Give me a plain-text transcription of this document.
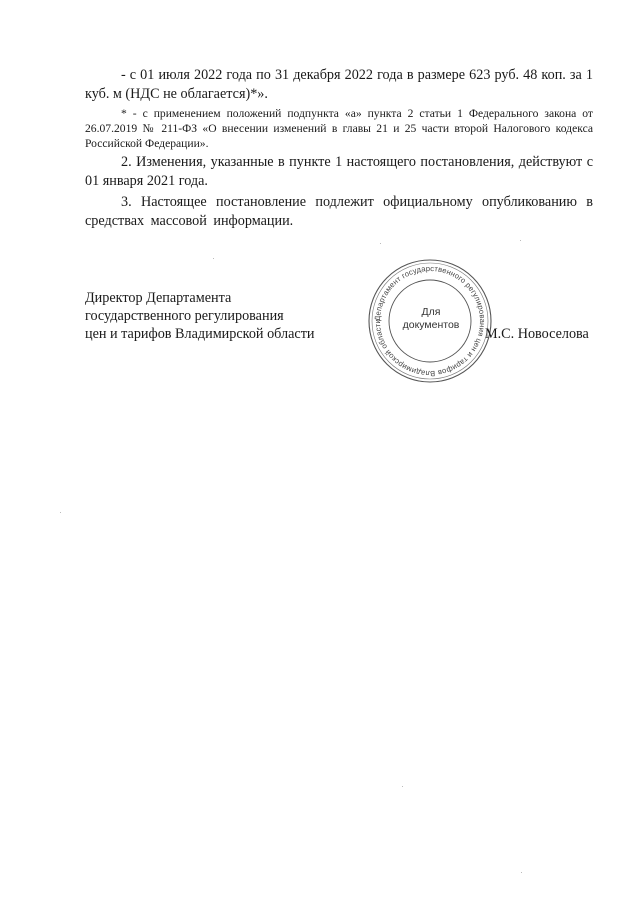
- с 01 июля 2022 года по 31 декабря 2022 года в размере 623 руб. 48 коп. за 1 куб. м (НДС не облагается)*».

* - с применением положений подпункта «а» пункта 2 статьи 1 Федерального закона от 26.07.2019 № 211-ФЗ «О внесении изменений в главы 21 и 25 части второй Налогового кодекса Российской Федерации».

2. Изменения, указанные в пункте 1 настоящего постановления, действуют с 01 января 2021 года.

3. Настоящее постановление подлежит официальному опубликованию в средствах массовой информации.

Директор Департамента
государственного регулирования
цен и тарифов Владимирской области
Департамент государственного регулирования цен и тарифов Владимирской области
Для
документов
М.С. Новоселова
